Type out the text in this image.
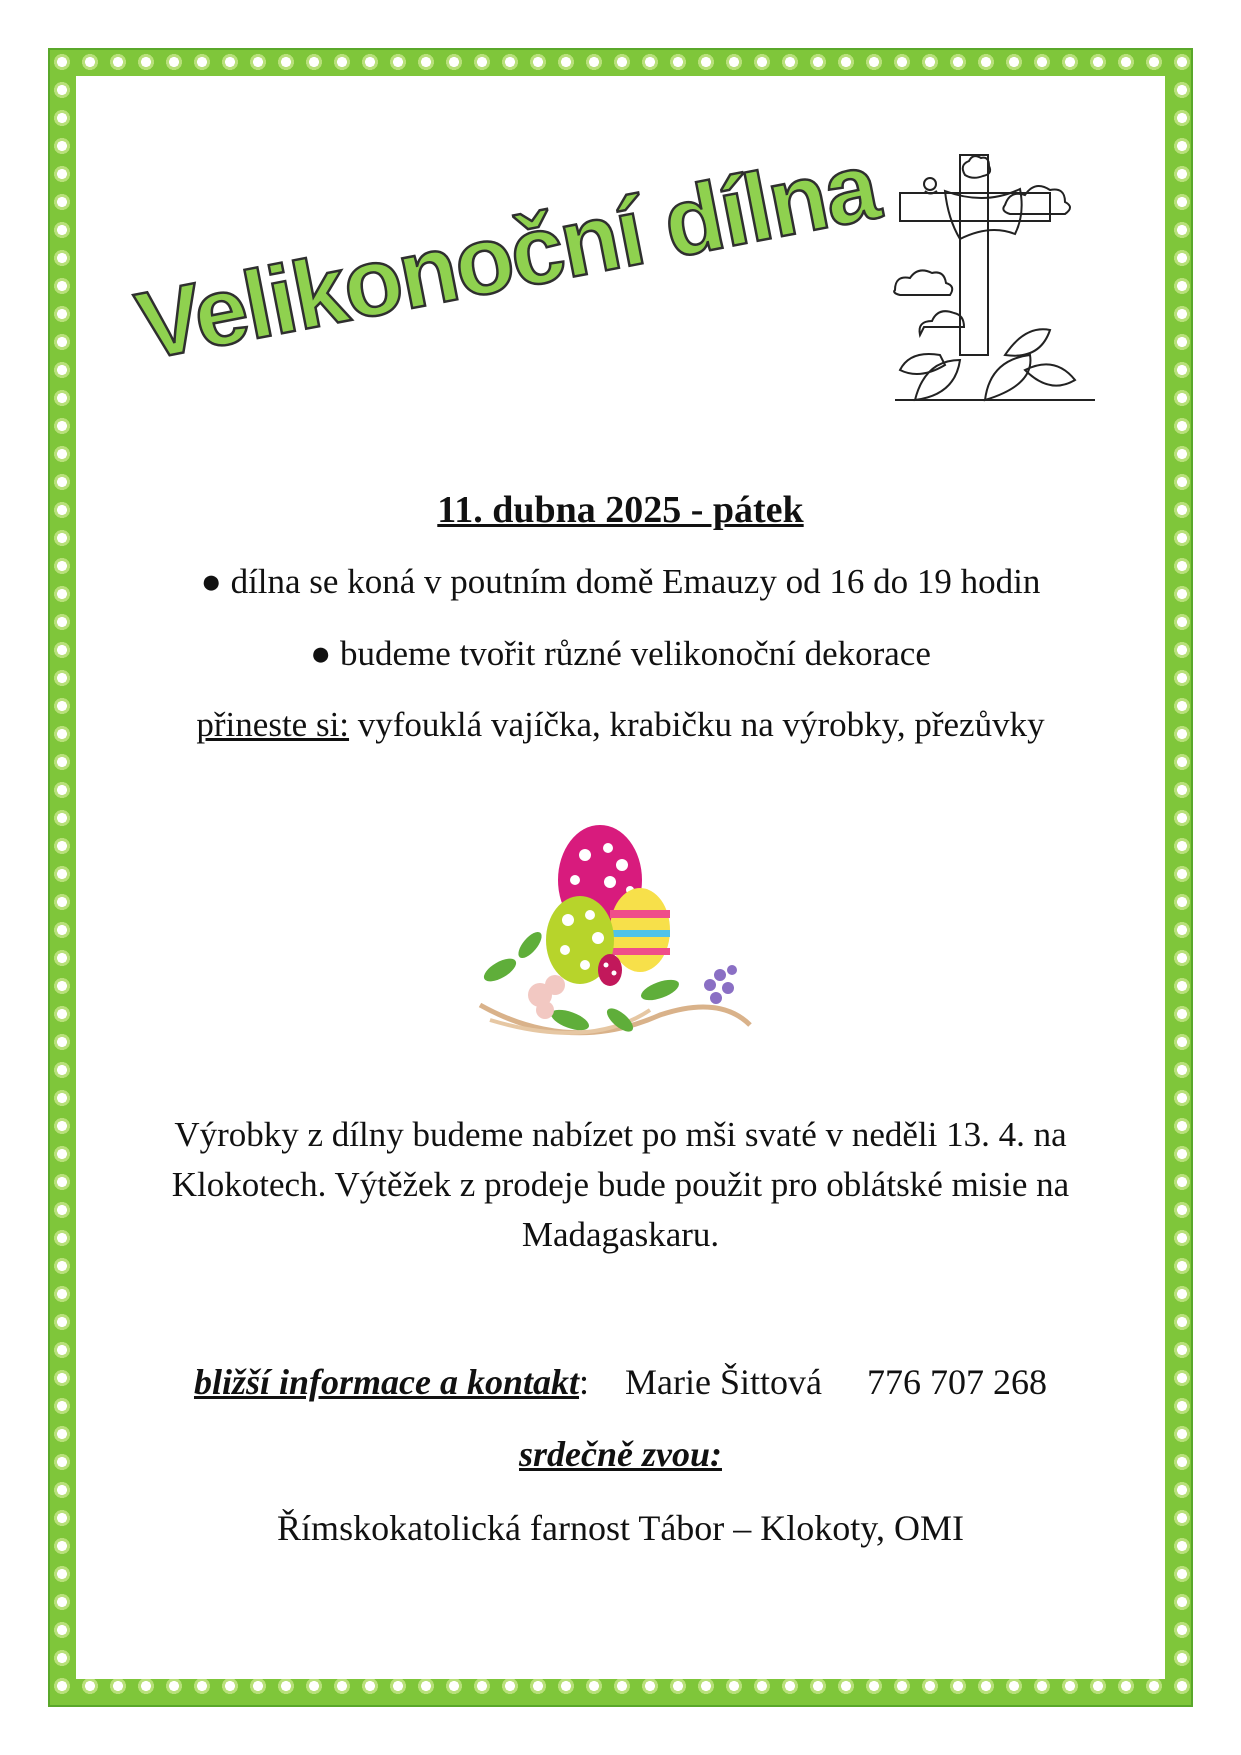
Velikonoční dílna
11. dubna 2025 - pátek
● dílna se koná v poutním domě Emauzy od 16 do 19 hodin
● budeme tvořit různé velikonoční dekorace
přineste si: vyfouklá vajíčka, krabičku na výrobky, přezůvky
Výrobky z dílny budeme nabízet po mši svaté v neděli 13. 4. na Klokotech. Výtěžek z prodeje bude použit pro oblátské misie na Madagaskaru.
bližší informace a kontakt: Marie Šittová 776 707 268
srdečně zvou:
Římskokatolická farnost Tábor – Klokoty, OMI
